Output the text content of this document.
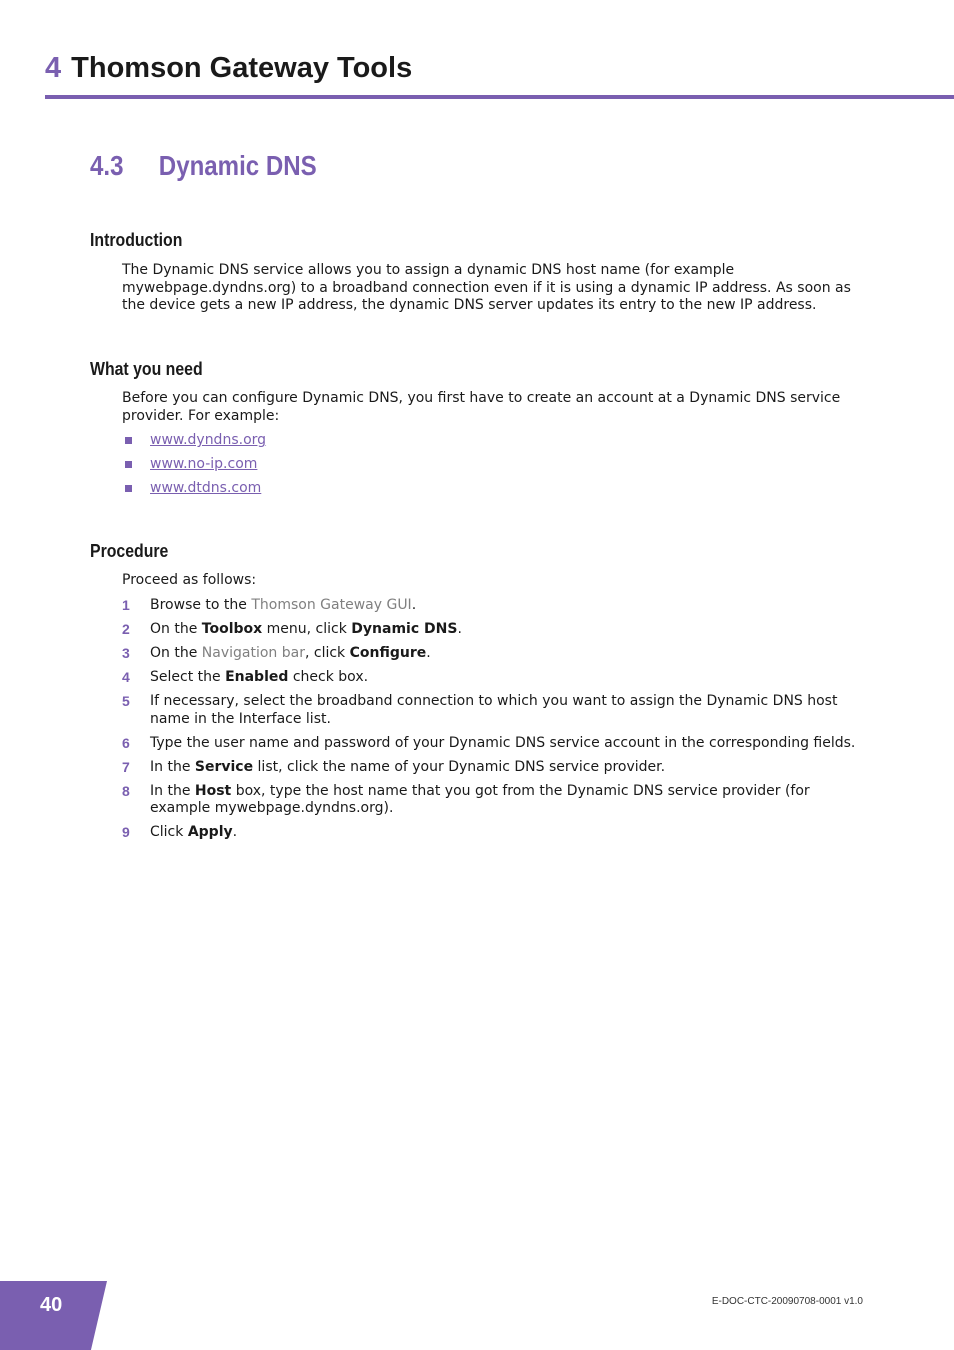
4 Thomson Gateway Tools
4.3 Dynamic DNS
Introduction

The Dynamic DNS service allows you to assign a dynamic DNS host name (for example mywebpage.dyndns.org) to a broadband connection even if it is using a dynamic IP address. As soon as the device gets a new IP address, the dynamic DNS server updates its entry to the new IP address.

What you need

Before you can configure Dynamic DNS, you first have to create an account at a Dynamic DNS service provider. For example:

www.dyndns.org
www.no-ip.com
www.dtdns.com
Procedure

Proceed as follows:

1 Browse to the Thomson Gateway GUI.
2 On the Toolbox menu, click Dynamic DNS.
3 On the Navigation bar, click Configure.
4 Select the Enabled check box.
5 If necessary, select the broadband connection to which you want to assign the Dynamic DNS host name in the Interface list.
6 Type the user name and password of your Dynamic DNS service account in the corresponding fields.
7 In the Service list, click the name of your Dynamic DNS service provider.
8 In the Host box, type the host name that you got from the Dynamic DNS service provider (for example mywebpage.dyndns.org).
9 Click Apply.
40	E-DOC-CTC-20090708-0001 v1.0
